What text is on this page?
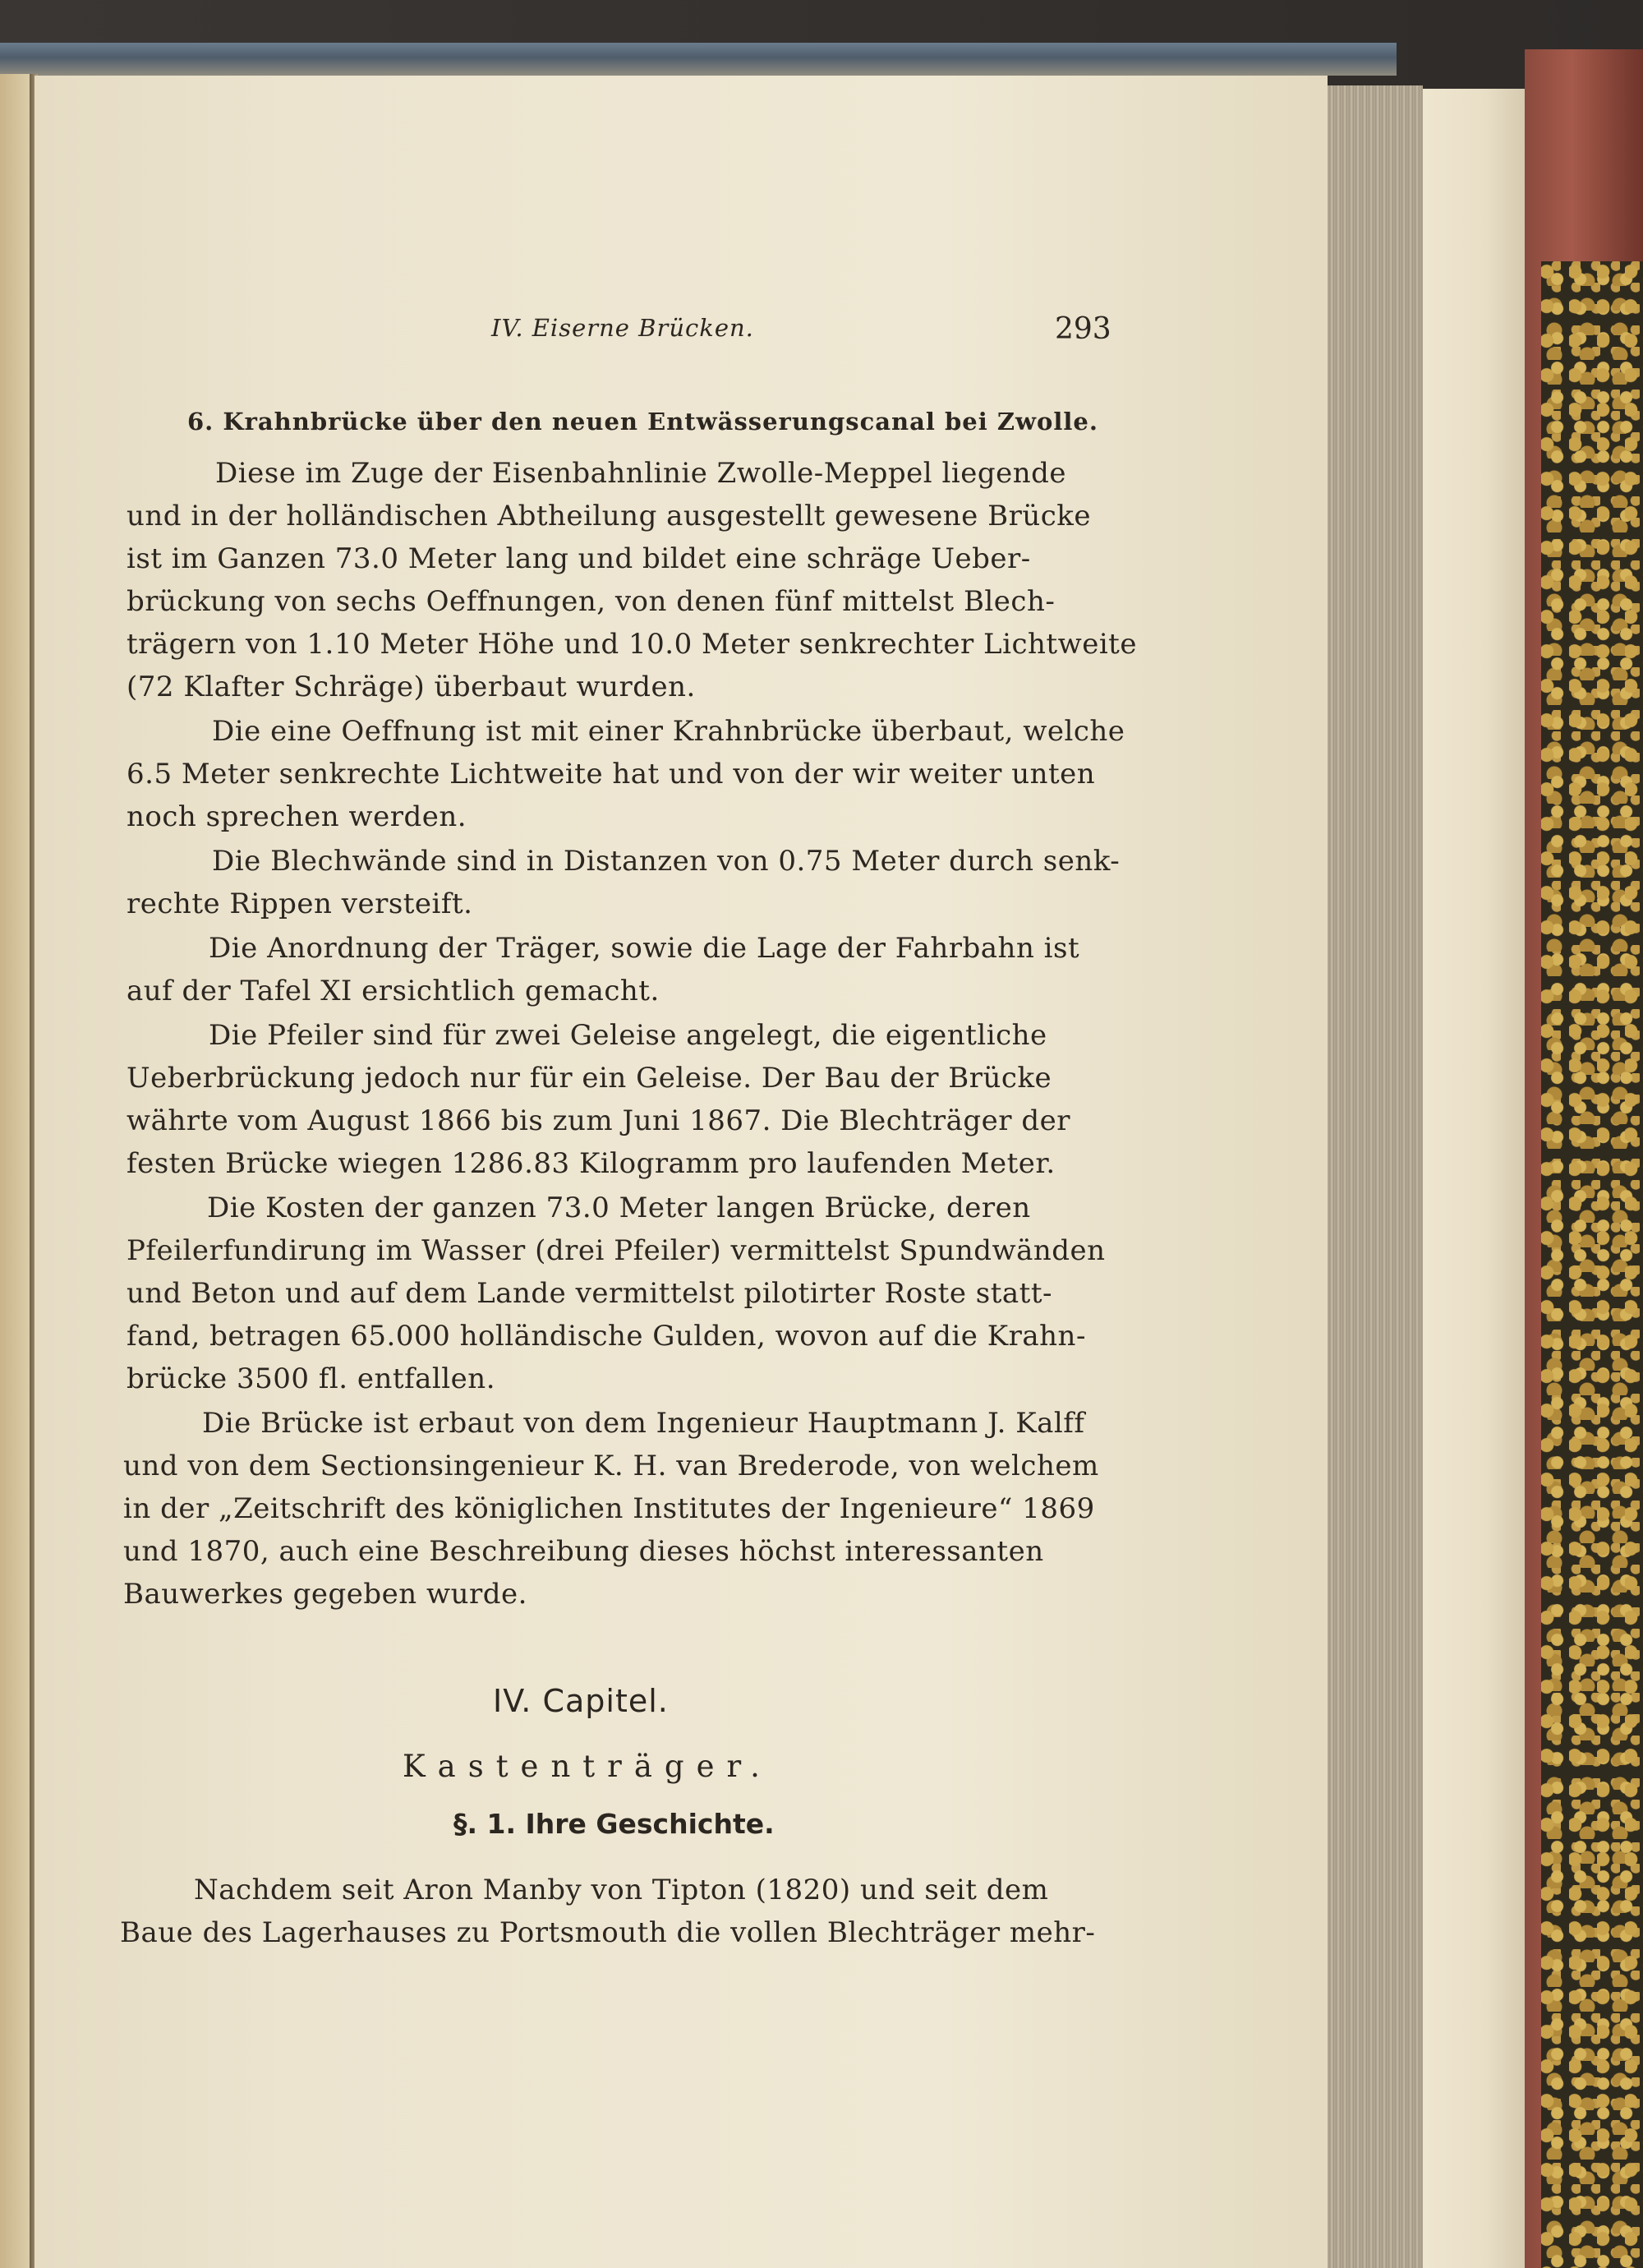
IV. Eiserne Brücken.	293
6. Krahnbrücke über den neuen Entwässerungscanal bei Zwolle.
Diese im Zuge der Eisenbahnlinie Zwolle-Meppel liegende
und in der holländischen Abtheilung ausgestellt gewesene Brücke
ist im Ganzen 73.0 Meter lang und bildet eine schräge Ueber-
brückung von sechs Oeffnungen, von denen fünf mittelst Blech-
trägern von 1.10 Meter Höhe und 10.0 Meter senkrechter Lichtweite
(72 Klafter Schräge) überbaut wurden.
Die eine Oeffnung ist mit einer Krahnbrücke überbaut, welche
6.5 Meter senkrechte Lichtweite hat und von der wir weiter unten
noch sprechen werden.
Die Blechwände sind in Distanzen von 0.75 Meter durch senk-
rechte Rippen versteift.
Die Anordnung der Träger, sowie die Lage der Fahrbahn ist
auf der Tafel XI ersichtlich gemacht.
Die Pfeiler sind für zwei Geleise angelegt, die eigentliche
Ueberbrückung jedoch nur für ein Geleise. Der Bau der Brücke
währte vom August 1866 bis zum Juni 1867. Die Blechträger der
festen Brücke wiegen 1286.83 Kilogramm pro laufenden Meter.
Die Kosten der ganzen 73.0 Meter langen Brücke, deren
Pfeilerfundirung im Wasser (drei Pfeiler) vermittelst Spundwänden
und Beton und auf dem Lande vermittelst pilotirter Roste statt-
fand, betragen 65.000 holländische Gulden, wovon auf die Krahn-
brücke 3500 fl. entfallen.
Die Brücke ist erbaut von dem Ingenieur Hauptmann J. Kalff
und von dem Sectionsingenieur K. H. van Brederode, von welchem
in der „Zeitschrift des königlichen Institutes der Ingenieure“ 1869
und 1870, auch eine Beschreibung dieses höchst interessanten
Bauwerkes gegeben wurde.
IV. Capitel.
Kastenträger.
§. 1. Ihre Geschichte.
Nachdem seit Aron Manby von Tipton (1820) und seit dem
Baue des Lagerhauses zu Portsmouth die vollen Blechträger mehr-
